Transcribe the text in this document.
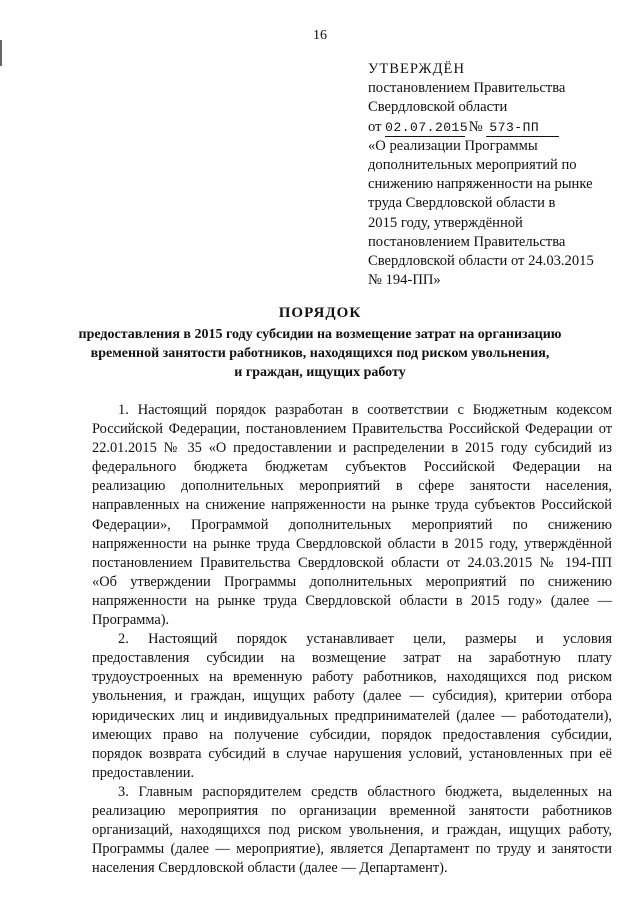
16
УТВЕРЖДЁН
постановлением Правительства
Свердловской области
от 02.07.2015 № 573-ПП
«О реализации Программы
дополнительных мероприятий по
снижению напряженности на рынке
труда Свердловской области в
2015 году, утверждённой
постановлением Правительства
Свердловской области от 24.03.2015
№ 194-ПП»
ПОРЯДОК
предоставления в 2015 году субсидии на возмещение затрат на организацию
временной занятости работников, находящихся под риском увольнения,
и граждан, ищущих работу

1. Настоящий порядок разработан в соответствии с Бюджетным кодексом
Российской Федерации, постановлением Правительства Российской Федерации от
22.01.2015 № 35 «О предоставлении и распределении в 2015 году субсидий из
федерального бюджета бюджетам субъектов Российской Федерации на
реализацию дополнительных мероприятий в сфере занятости населения,
направленных на снижение напряженности на рынке труда субъектов Российской
Федерации», Программой дополнительных мероприятий по снижению
напряженности на рынке труда Свердловской области в 2015 году, утверждённой
постановлением Правительства Свердловской области от 24.03.2015 № 194-ПП
«Об утверждении Программы дополнительных мероприятий по снижению
напряженности на рынке труда Свердловской области в 2015 году» (далее —
Программа).

2. Настоящий порядок устанавливает цели, размеры и условия
предоставления субсидии на возмещение затрат на заработную плату
трудоустроенных на временную работу работников, находящихся под риском
увольнения, и граждан, ищущих работу (далее — субсидия), критерии отбора
юридических лиц и индивидуальных предпринимателей (далее — работодатели),
имеющих право на получение субсидии, порядок предоставления субсидии,
порядок возврата субсидий в случае нарушения условий, установленных при её
предоставлении.

3. Главным распорядителем средств областного бюджета, выделенных на
реализацию мероприятия по организации временной занятости работников
организаций, находящихся под риском увольнения, и граждан, ищущих работу,
Программы (далее — мероприятие), является Департамент по труду и занятости
населения Свердловской области (далее — Департамент).
